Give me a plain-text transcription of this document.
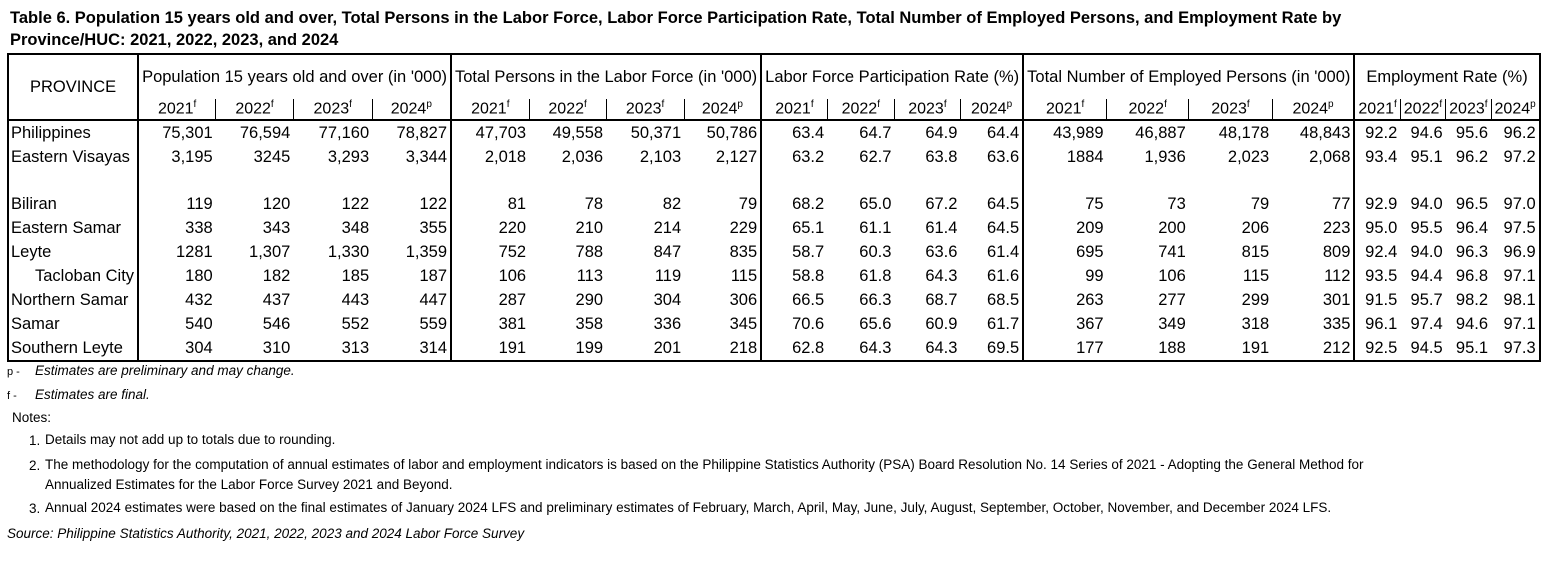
Table 6. Population 15 years old and over, Total Persons in the Labor Force, Labor Force Participation Rate, Total Number of Employed Persons, and Employment Rate by Province/HUC: 2021, 2022, 2023, and 2024
PROVINCE	Population 15 years old and over (in '000)				Total Persons in the Labor Force (in '000)				Labor Force Participation Rate (%)				Total Number of Employed Persons (in '000)				Employment Rate (%)			
	2021$^f$	2022$^f$	2023$^f$	2024$^p$	2021$^f$	2022$^f$	2023$^f$	2024$^p$	2021$^f$	2022$^f$	2023$^f$	2024$^p$	2021$^f$	2022$^f$	2023$^f$	2024$^p$	2021$^f$	2022$^f$	2023$^f$	2024$^p$
Philippines	75,301	76,594	77,160	78,827	47,703	49,558	50,371	50,786	63.4	64.7	64.9	64.4	43,989	46,887	48,178	48,843	92.2	94.6	95.6	96.2
Eastern Visayas	3,195	3245	3,293	3,344	2,018	2,036	2,103	2,127	63.2	62.7	63.8	63.6	1884	1,936	2,023	2,068	93.4	95.1	96.2	97.2

Biliran	119	120	122	122	81	78	82	79	68.2	65.0	67.2	64.5	75	73	79	77	92.9	94.0	96.5	97.0
Eastern Samar	338	343	348	355	220	210	214	229	65.1	61.1	61.4	64.5	209	200	206	223	95.0	95.5	96.4	97.5
Leyte	1281	1,307	1,330	1,359	752	788	847	835	58.7	60.3	63.6	61.4	695	741	815	809	92.4	94.0	96.3	96.9
Tacloban City	180	182	185	187	106	113	119	115	58.8	61.8	64.3	61.6	99	106	115	112	93.5	94.4	96.8	97.1
Northern Samar	432	437	443	447	287	290	304	306	66.5	66.3	68.7	68.5	263	277	299	301	91.5	95.7	98.2	98.1
Samar	540	546	552	559	381	358	336	345	70.6	65.6	60.9	61.7	367	349	318	335	96.1	97.4	94.6	97.1
Southern Leyte	304	310	313	314	191	199	201	218	62.8	64.3	64.3	69.5	177	188	191	212	92.5	94.5	95.1	97.3
p - Estimates are preliminary and may change.
f - Estimates are final.
Notes:
1. Details may not add up to totals due to rounding.
2. The methodology for the computation of annual estimates of labor and employment indicators is based on the Philippine Statistics Authority (PSA) Board Resolution No. 14 Series of 2021 - Adopting the General Method for Annualized Estimates for the Labor Force Survey 2021 and Beyond.
3. Annual 2024 estimates were based on the final estimates of January 2024 LFS and preliminary estimates of February, March, April, May, June, July, August, September, October, November, and December 2024 LFS.
Source: Philippine Statistics Authority, 2021, 2022, 2023 and 2024 Labor Force Survey
